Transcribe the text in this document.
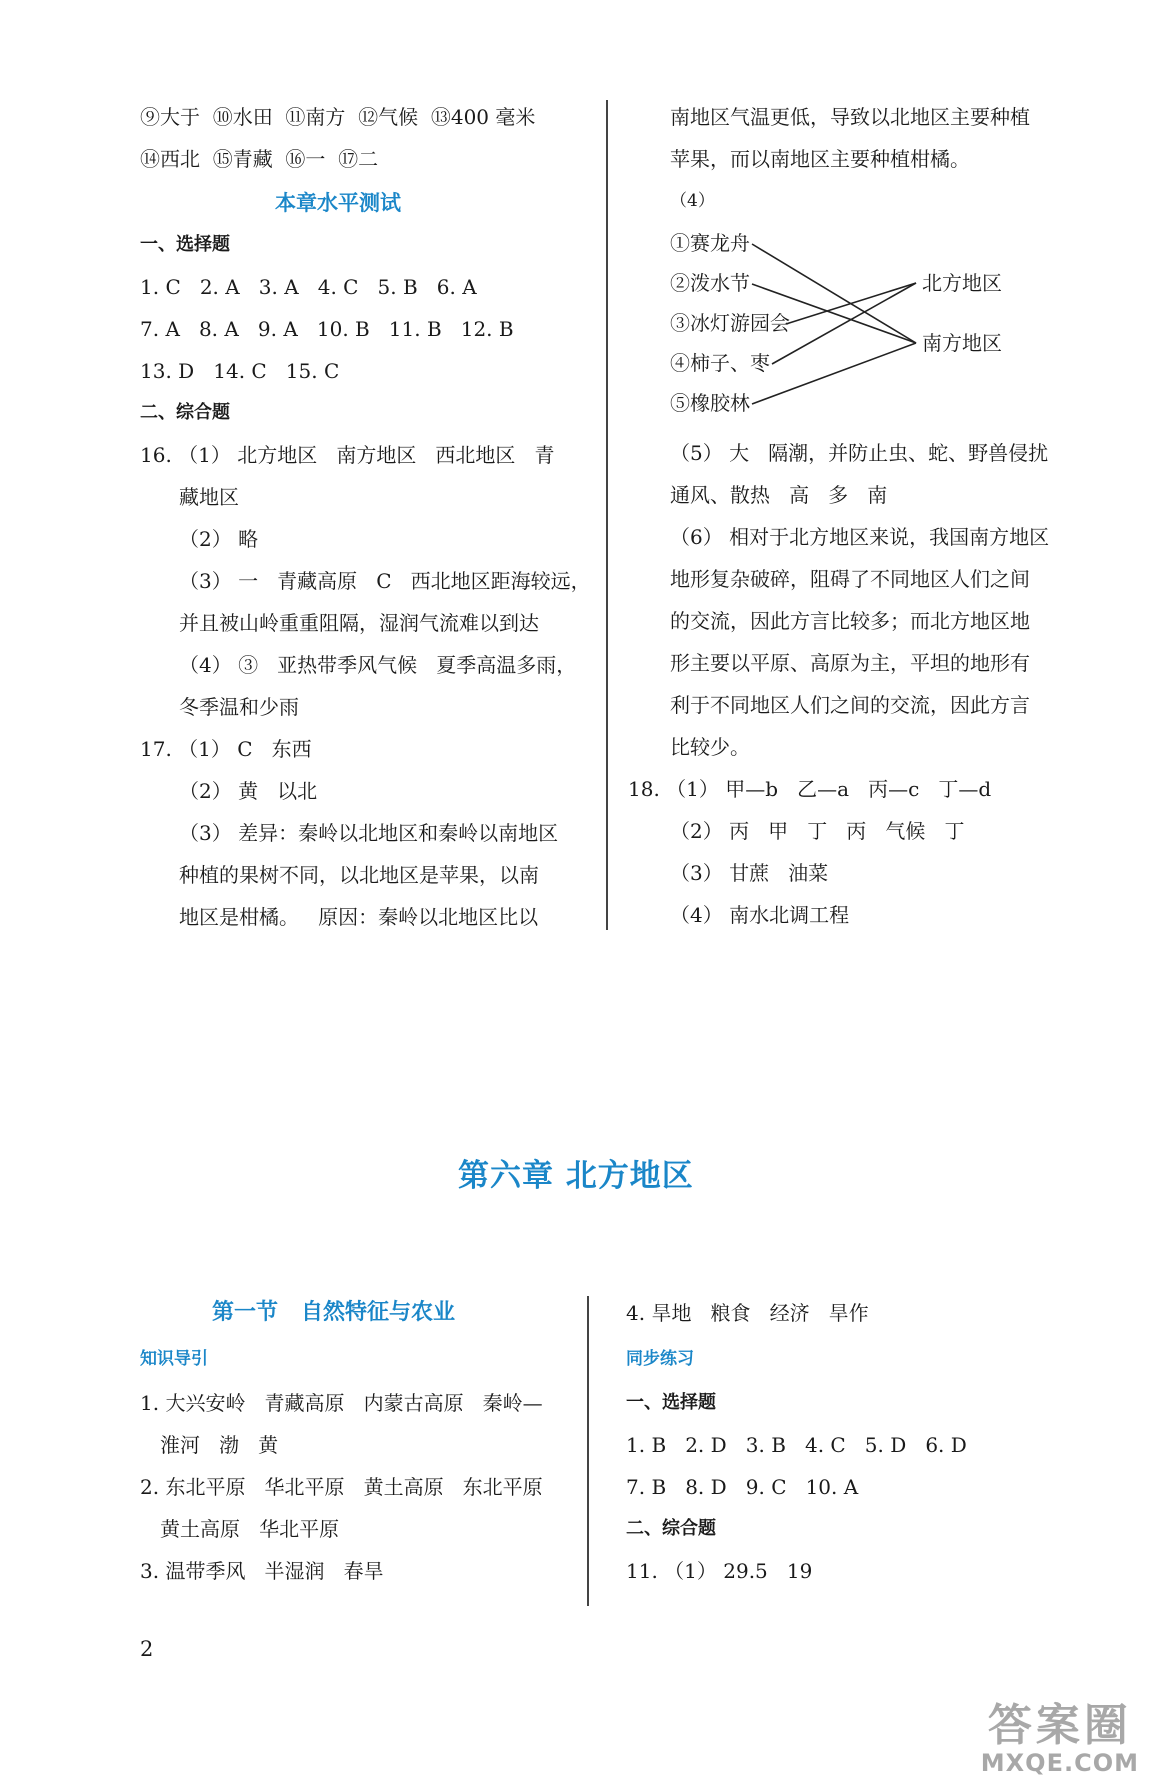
⑨大于  ⑩水田  ⑪南方  ⑫气候  ⑬400 毫米
⑭西北  ⑮青藏  ⑯一  ⑰二
本章水平测试
一、选择题
1. C   2. A   3. A   4. C   5. B   6. A
7. A   8. A   9. A   10. B   11. B   12. B
13. D   14. C   15. C
二、综合题
16. （1） 北方地区   南方地区   西北地区   青
藏地区
（2） 略
（3） 一   青藏高原   C   西北地区距海较远，
并且被山岭重重阻隔，湿润气流难以到达
（4） ③   亚热带季风气候   夏季高温多雨，
冬季温和少雨
17. （1） C   东西
（2） 黄   以北
（3） 差异：秦岭以北地区和秦岭以南地区
种植的果树不同，以北地区是苹果，以南
地区是柑橘。   原因：秦岭以北地区比以
南地区气温更低，导致以北地区主要种植
苹果，而以南地区主要种植柑橘。
（4）
①赛龙舟
②泼水节
③冰灯游园会
④柿子、枣
⑤橡胶林
北方地区
南方地区
（5） 大   隔潮，并防止虫、蛇、野兽侵扰
通风、散热   高   多   南
（6） 相对于北方地区来说，我国南方地区
地形复杂破碎，阻碍了不同地区人们之间
的交流，因此方言比较多；而北方地区地
形主要以平原、高原为主，平坦的地形有
利于不同地区人们之间的交流，因此方言
比较少。
18. （1） 甲—b   乙—a   丙—c   丁—d
（2） 丙   甲   丁   丙   气候   丁
（3） 甘蔗   油菜
（4） 南水北调工程
第六章 北方地区
第一节   自然特征与农业
知识导引
1. 大兴安岭   青藏高原   内蒙古高原   秦岭—
淮河   渤   黄
2. 东北平原   华北平原   黄土高原   东北平原
黄土高原   华北平原
3. 温带季风   半湿润   春旱
4. 旱地   粮食   经济   旱作
同步练习
一、选择题
1. B   2. D   3. B   4. C   5. D   6. D
7. B   8. D   9. C   10. A
二、综合题
11. （1） 29.5   19
2
答案圈
MXQE.COM
